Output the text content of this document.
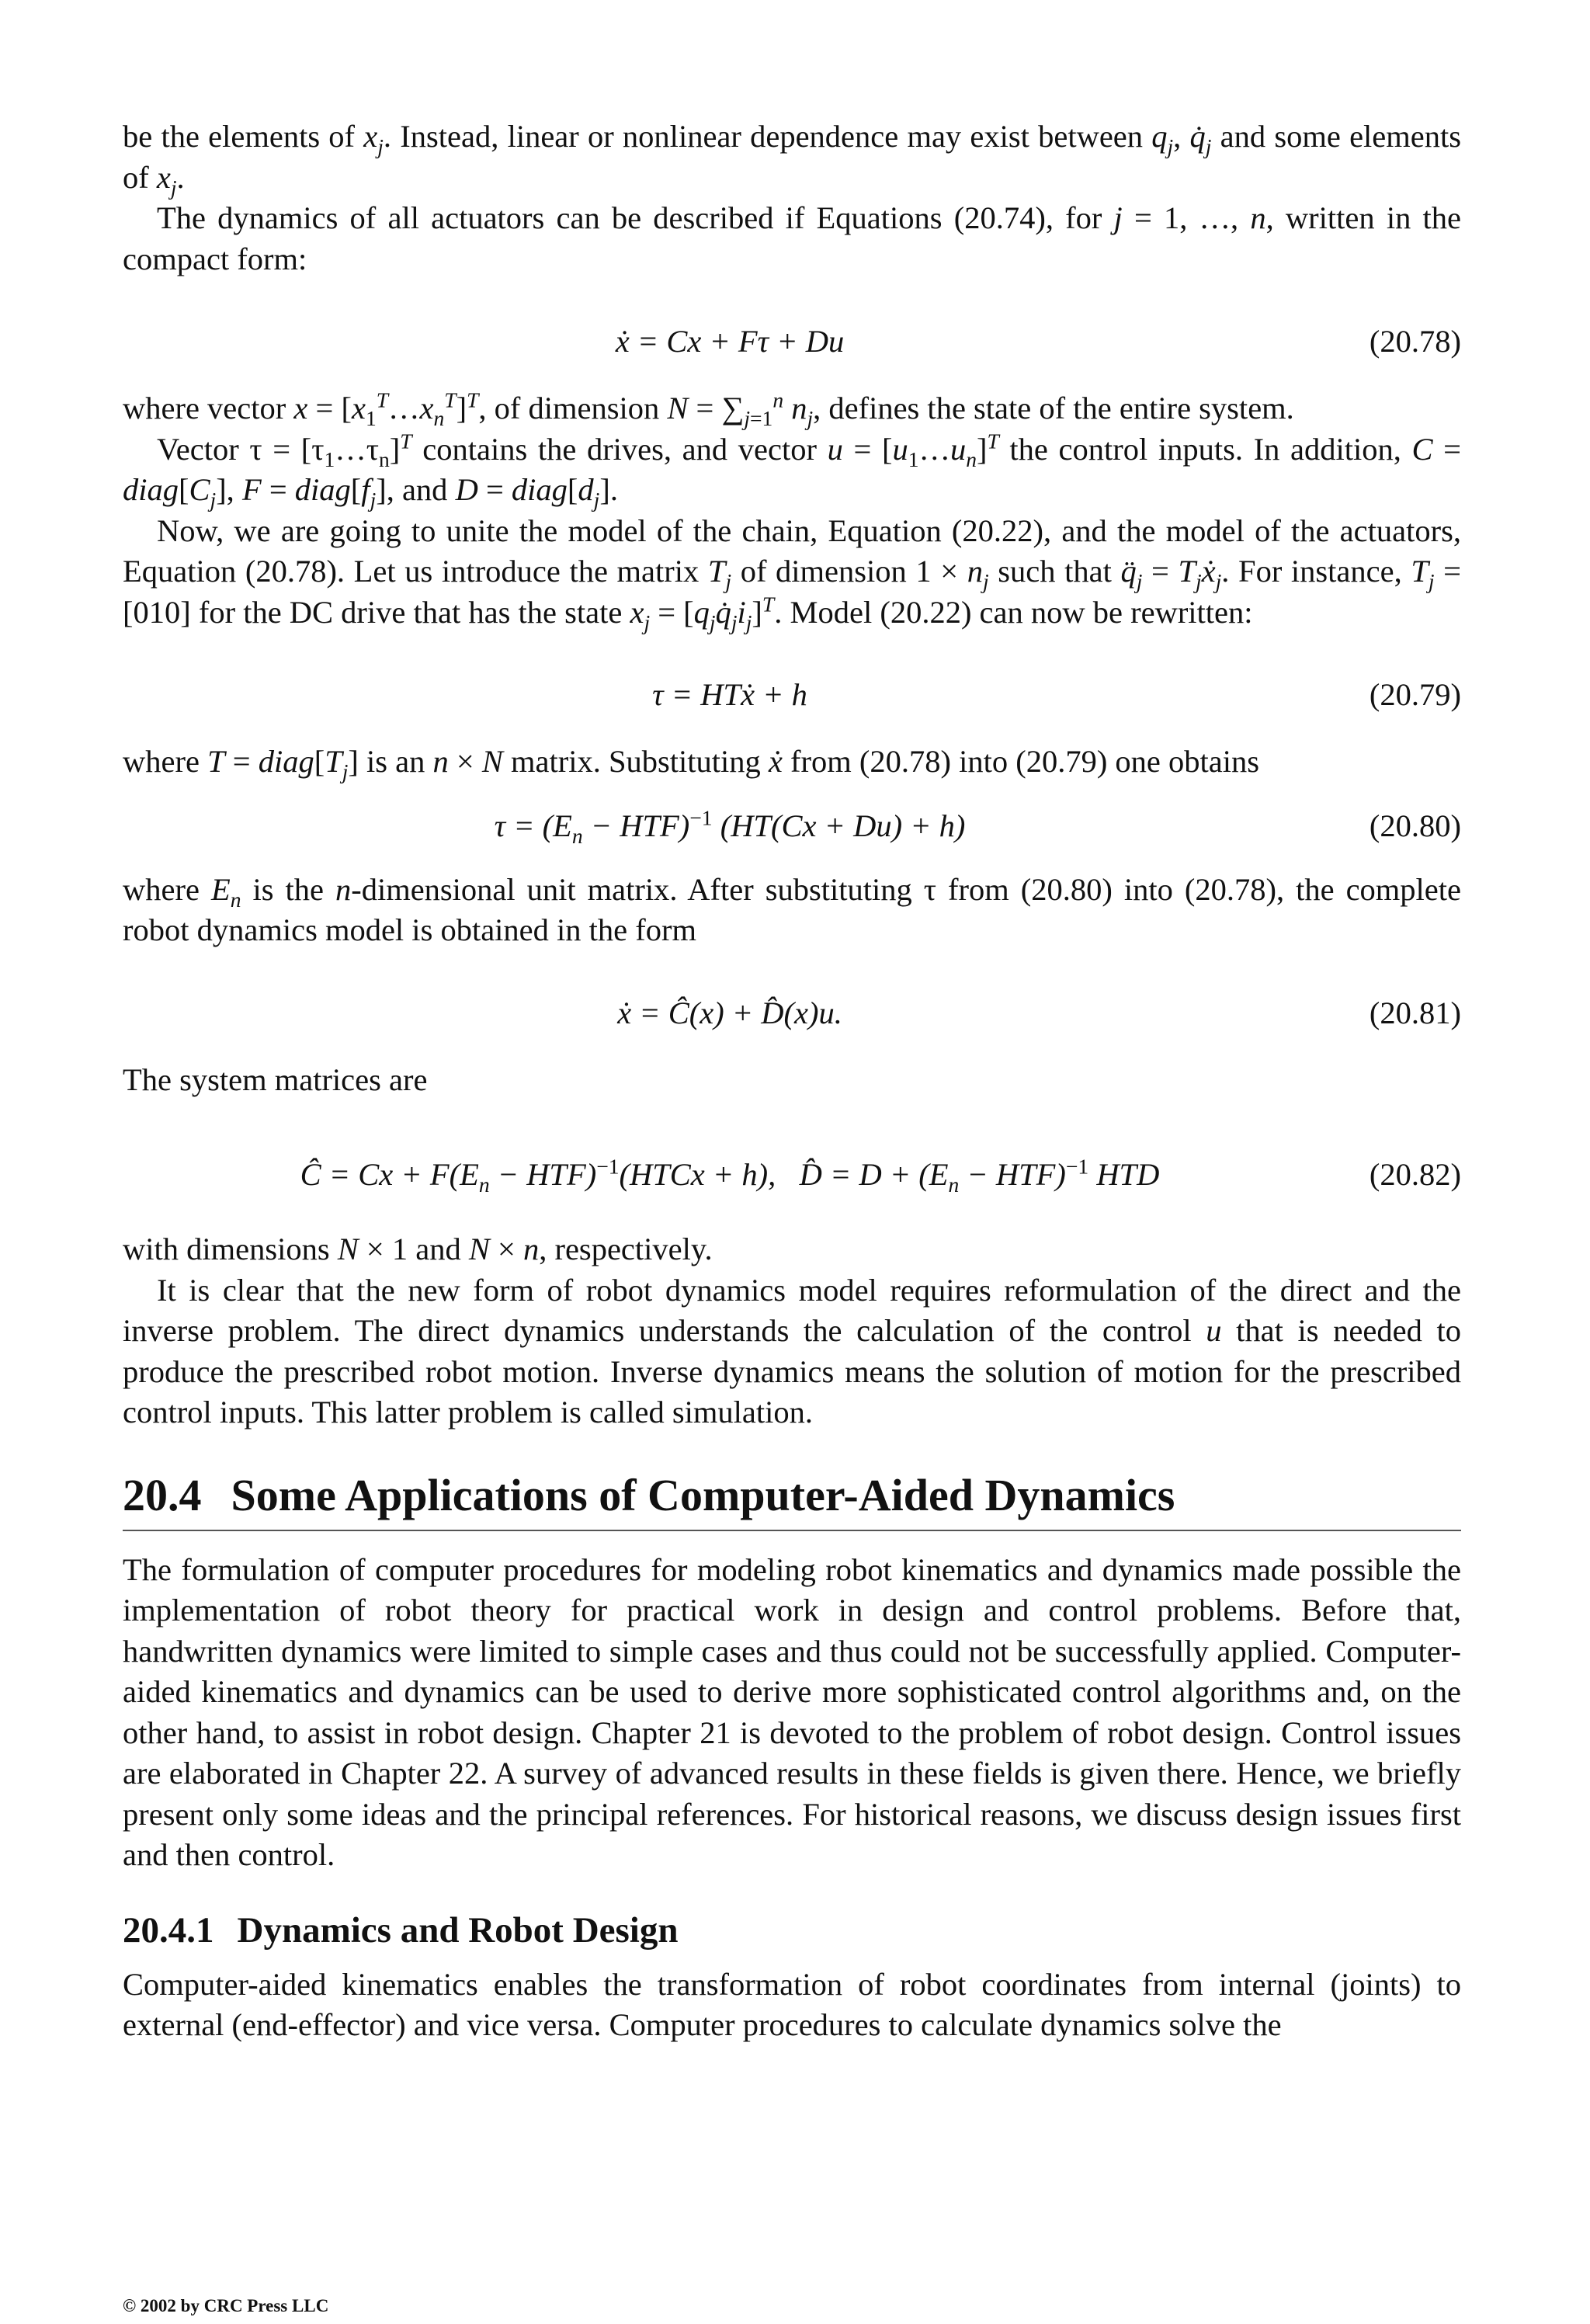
be the elements of $x_j$. Instead, linear or nonlinear dependence may exist between $q_j$, $q̇_j$ and some elements of $x_j$.

The dynamics of all actuators can be described if Equations (20.74), for j = 1, …, n, written in the compact form:

ẋ = Cx + Fτ + Du	(20.78)

where vector $x = [x_1^T\dots x_n^T]^T$, of dimension $N = \sum_{j=1}^n$ $n_j$, defines the state of the entire system.

Vector $\tau = [\tau_1\dots\tau_n]^T$ contains the drives, and vector $u = [u_1\dots u_n]^T$ the control inputs. In addition, $C = diag[C_j]$, $F = diag[f_j]$, and $D = diag[d_j]$.

Now, we are going to unite the model of the chain, Equation (20.22), and the model of the actuators, Equation (20.78). Let us introduce the matrix $T_j$ of dimension $1 \times n_j$ such that $q̈_j$ = $T_jẋ_j$. For instance, $T_j = [010]$ for the DC drive that has the state $x_j$ = $[q_jq̇_ji_j]^T$. Model (20.22) can now be rewritten:

τ = HTẋ + h	(20.79)

where $T = diag[T_j]$ is an n × N matrix. Substituting ẋ from (20.78) into (20.79) one obtains

$\tau = (E_n - HTF)^{-1}$ (HT(Cx + Du) + h)	(20.80)

where $E_n$ is the n-dimensional unit matrix. After substituting τ from (20.80) into (20.78), the complete robot dynamics model is obtained in the form

ẋ = Ĉ(x) + D̂(x)u.	(20.81)

The system matrices are

Ĉ = $Cx + F(E_n$ − HTF)$^{-1}$(HTCx + h),   D̂ = $D + (E_n - HTF)^{-1}$ HTD	(20.82)

with dimensions N × 1 and N × n, respectively.

It is clear that the new form of robot dynamics model requires reformulation of the direct and the inverse problem. The direct dynamics understands the calculation of the control u that is needed to produce the prescribed robot motion. Inverse dynamics means the solution of motion for the prescribed control inputs. This latter problem is called simulation.

20.4 Some Applications of Computer-Aided Dynamics

The formulation of computer procedures for modeling robot kinematics and dynamics made possible the implementation of robot theory for practical work in design and control problems. Before that, handwritten dynamics were limited to simple cases and thus could not be successfully applied. Computer-aided kinematics and dynamics can be used to derive more sophisticated control algorithms and, on the other hand, to assist in robot design. Chapter 21 is devoted to the problem of robot design. Control issues are elaborated in Chapter 22. A survey of advanced results in these fields is given there. Hence, we briefly present only some ideas and the principal references. For historical reasons, we discuss design issues first and then control.

20.4.1 Dynamics and Robot Design

Computer-aided kinematics enables the transformation of robot coordinates from internal (joints) to external (end-effector) and vice versa. Computer procedures to calculate dynamics solve the

© 2002 by CRC Press LLC
